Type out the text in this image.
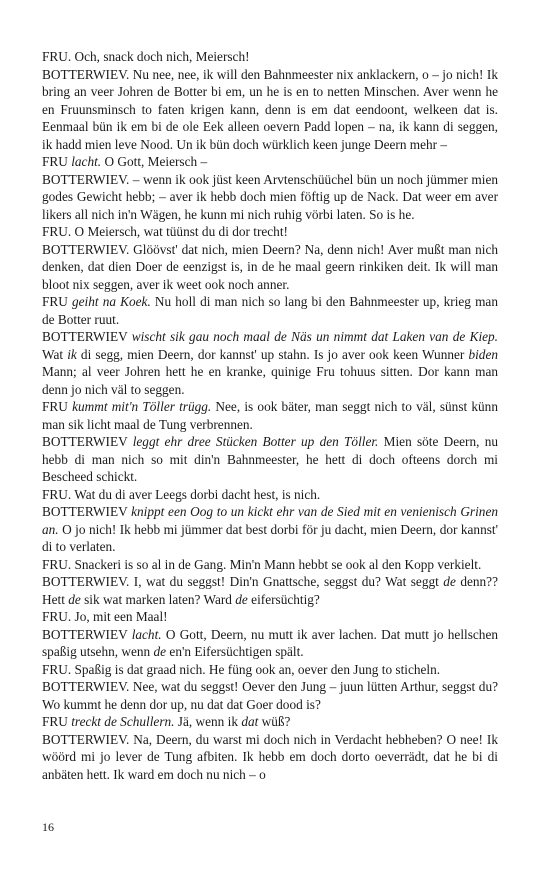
FRU. Och, snack doch nich, Meiersch!

BOTTERWIEV. Nu nee, nee, ik will den Bahnmeester nix anklackern, o – jo nich! Ik bring an veer Johren de Botter bi em, un he is en to netten Minschen. Aver wenn he en Fruunsminsch to faten krigen kann, denn is em dat eendoont, welkeen dat is. Eenmaal bün ik em bi de ole Eek alleen oevern Padd lopen – na, ik kann di seggen, ik hadd mien leve Nood. Un ik bün doch würklich keen junge Deern mehr –

FRU lacht. O Gott, Meiersch –

BOTTERWIEV. – wenn ik ook jüst keen Arvtenschüüchel bün un noch jümmer mien godes Gewicht hebb; – aver ik hebb doch mien föftig up de Nack. Dat weer em aver likers all nich in'n Wägen, he kunn mi nich ruhig vörbi laten. So is he.

FRU. O Meiersch, wat tüünst du di dor trecht!

BOTTERWIEV. Glöövst' dat nich, mien Deern? Na, denn nich! Aver mußt man nich denken, dat dien Doer de eenzigst is, in de he maal geern rinkiken deit. Ik will man bloot nix seggen, aver ik weet ook noch anner.

FRU geiht na Koek. Nu holl di man nich so lang bi den Bahnmeester up, krieg man de Botter ruut.

BOTTERWIEV wischt sik gau noch maal de Näs un nimmt dat Laken van de Kiep. Wat ik di segg, mien Deern, dor kannst' up stahn. Is jo aver ook keen Wunner biden Mann; al veer Johren hett he en kranke, quinige Fru tohuus sitten. Dor kann man denn jo nich väl to seggen.

FRU kummt mit'n Töller trügg. Nee, is ook bäter, man seggt nich to väl, sünst künn man sik licht maal de Tung verbrennen.

BOTTERWIEV leggt ehr dree Stücken Botter up den Töller. Mien söte Deern, nu hebb di man nich so mit din'n Bahnmeester, he hett di doch ofteens dorch mi Bescheed schickt.

FRU. Wat du di aver Leegs dorbi dacht hest, is nich.

BOTTERWIEV knippt een Oog to un kickt ehr van de Sied mit en venienisch Grinen an. O jo nich! Ik hebb mi jümmer dat best dorbi för ju dacht, mien Deern, dor kannst' di to verlaten.

FRU. Snackeri is so al in de Gang. Min'n Mann hebbt se ook al den Kopp verkielt.

BOTTERWIEV. I, wat du seggst! Din'n Gnattsche, seggst du? Wat seggt de denn?? Hett de sik wat marken laten? Ward de eifersüchtig?

FRU. Jo, mit een Maal!

BOTTERWIEV lacht. O Gott, Deern, nu mutt ik aver lachen. Dat mutt jo hellschen spaßig utsehn, wenn de en'n Eifersüchtigen spält.

FRU. Spaßig is dat graad nich. He füng ook an, oever den Jung to sticheln.

BOTTERWIEV. Nee, wat du seggst! Oever den Jung – juun lütten Arthur, seggst du? Wo kummt he denn dor up, nu dat dat Goer dood is?

FRU treckt de Schullern. Jä, wenn ik dat wüß?

BOTTERWIEV. Na, Deern, du warst mi doch nich in Verdacht hebheben? O nee! Ik wöörd mi jo lever de Tung afbiten. Ik hebb em doch dorto oeverrädt, dat he bi di anbäten hett. Ik ward em doch nu nich – o

16
